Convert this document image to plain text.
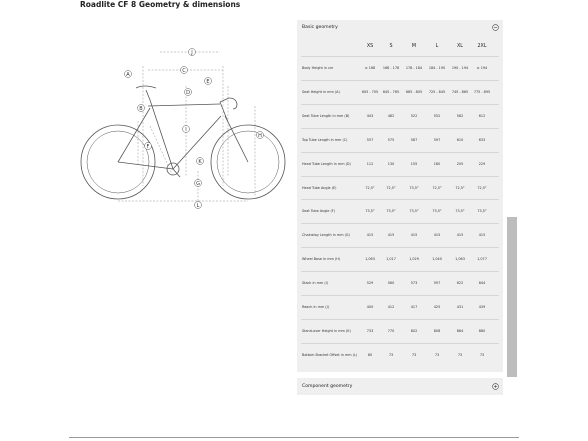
Roadlite CF 8 Geometry & dimensions
J
C
E
A
D
B
I
F
H
G
K
L
Basic geometry
XS	S	M	L	XL	2XL
Body Height in cm	≤ 168	168 - 178	178 - 184	184 - 190	190 - 194	≥ 194
Seat Height in mm (A)	605 - 705	645 - 765	685 - 805	725 - 845	745 - 865	775 - 895
Seat Tube Length in mm (B)	443	482	522	552	582	612
Top Tube Length in mm (C)	557	575	587	597	610	633
Head Tube Length in mm (D)	112	130	155	180	205	229
Head Tube Angle (E)	72,5°	72,5°	73,5°	72,5°	72,5°	72,5°
Seat Tube Angle (F)	73,5°	73,5°	73,5°	73,5°	73,5°	73,5°
Chainstay Length in mm (G)	415	415	415	415	415	415
Wheel Base in mm (H)	1,063	1,017	1,029	1,040	1,063	1,077
Stack in mm (I)	529	560	573	597	622	644
Reach in mm (J)	400	412	417	425	431	439
Stand-over Height in mm (K)	733	770	802	808	864	880
Bottom Bracket Offset in mm (L)	60	73	73	73	73	73
Component geometry
